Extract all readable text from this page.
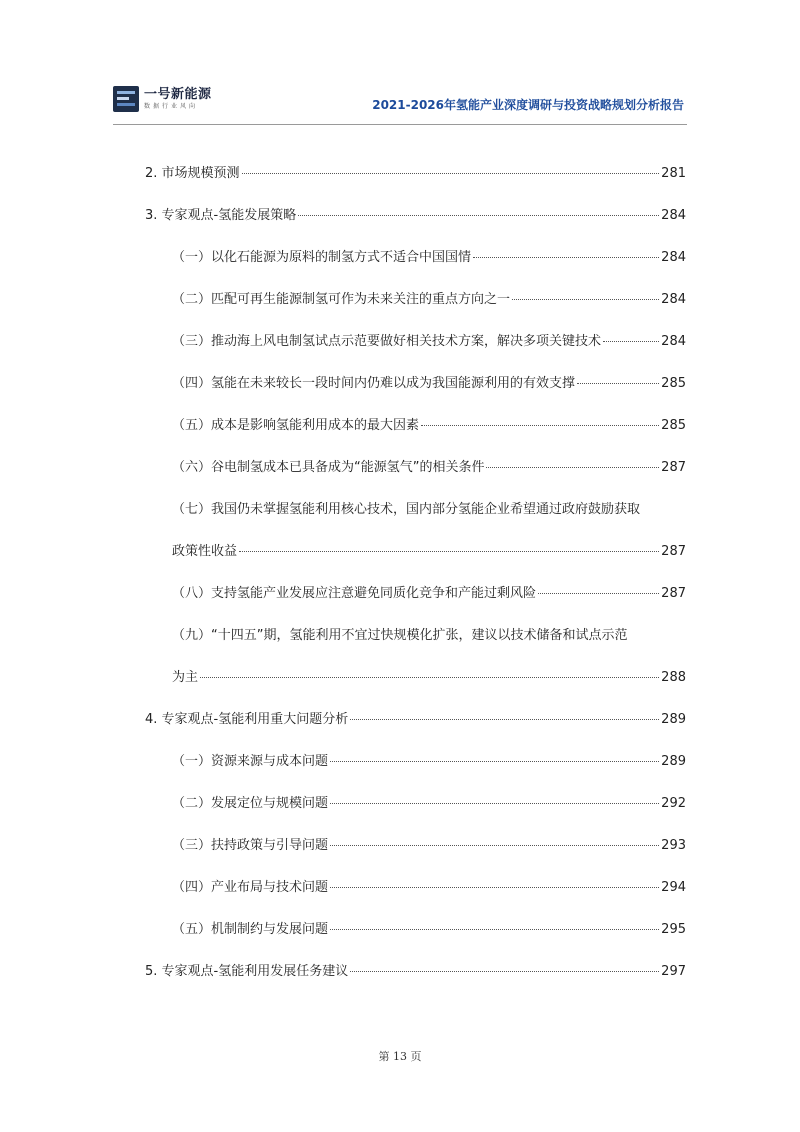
一号新能源
数据行业风向	2021-2026年氢能产业深度调研与投资战略规划分析报告
2. 市场规模预测	281
3. 专家观点-氢能发展策略	284
（一）以化石能源为原料的制氢方式不适合中国国情	284
（二）匹配可再生能源制氢可作为未来关注的重点方向之一	284
（三）推动海上风电制氢试点示范要做好相关技术方案，解决多项关键技术	284
（四）氢能在未来较长一段时间内仍难以成为我国能源利用的有效支撑	285
（五）成本是影响氢能利用成本的最大因素	285
（六）谷电制氢成本已具备成为“能源氢气”的相关条件	287
（七）我国仍未掌握氢能利用核心技术，国内部分氢能企业希望通过政府鼓励获取
政策性收益	287
（八）支持氢能产业发展应注意避免同质化竞争和产能过剩风险	287
（九）“十四五”期，氢能利用不宜过快规模化扩张，建议以技术储备和试点示范
为主	288
4. 专家观点-氢能利用重大问题分析	289
（一）资源来源与成本问题	289
（二）发展定位与规模问题	292
（三）扶持政策与引导问题	293
（四）产业布局与技术问题	294
（五）机制制约与发展问题	295
5. 专家观点-氢能利用发展任务建议	297
第 13 页
